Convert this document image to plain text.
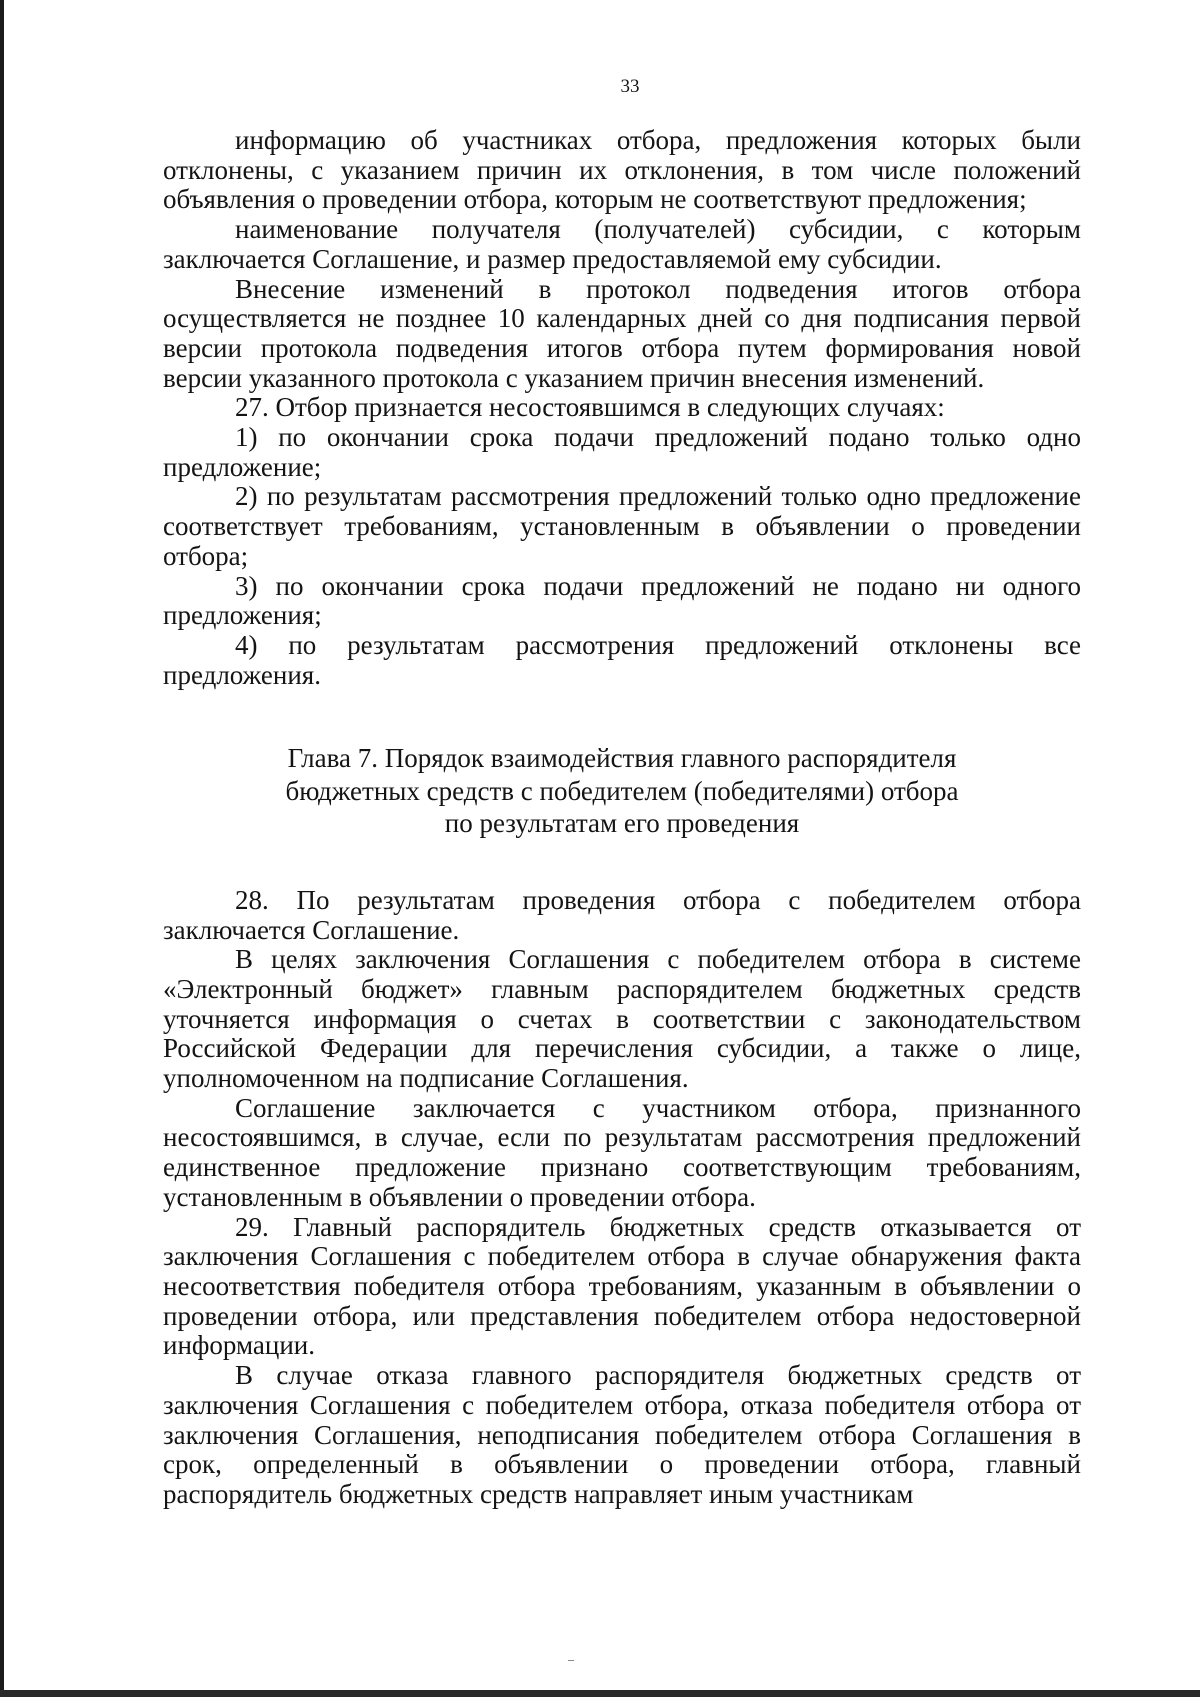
33

информацию об участниках отбора, предложения которых были отклонены, с указанием причин их отклонения, в том числе положений объявления о проведении отбора, которым не соответствуют предложения;

наименование получателя (получателей) субсидии, с которым заключается Соглашение, и размер предоставляемой ему субсидии.

Внесение изменений в протокол подведения итогов отбора осуществляется не позднее 10 календарных дней со дня подписания первой версии протокола подведения итогов отбора путем формирования новой версии указанного протокола с указанием причин внесения изменений.

27. Отбор признается несостоявшимся в следующих случаях:

1) по окончании срока подачи предложений подано только одно предложение;

2) по результатам рассмотрения предложений только одно предложение соответствует требованиям, установленным в объявлении о проведении отбора;

3) по окончании срока подачи предложений не подано ни одного предложения;

4) по результатам рассмотрения предложений отклонены все предложения.

Глава 7. Порядок взаимодействия главного распорядителя
бюджетных средств с победителем (победителями) отбора
по результатам его проведения

28. По результатам проведения отбора с победителем отбора заключается Соглашение.

В целях заключения Соглашения с победителем отбора в системе «Электронный бюджет» главным распорядителем бюджетных средств уточняется информация о счетах в соответствии с законодательством Российской Федерации для перечисления субсидии, а также о лице, уполномоченном на подписание Соглашения.

Соглашение заключается с участником отбора, признанного несостоявшимся, в случае, если по результатам рассмотрения предложений единственное предложение признано соответствующим требованиям, установленным в объявлении о проведении отбора.

29. Главный распорядитель бюджетных средств отказывается от заключения Соглашения с победителем отбора в случае обнаружения факта несоответствия победителя отбора требованиям, указанным в объявлении о проведении отбора, или представления победителем отбора недостоверной информации.

В случае отказа главного распорядителя бюджетных средств от заключения Соглашения с победителем отбора, отказа победителя отбора от заключения Соглашения, неподписания победителем отбора Соглашения в срок, определенный в объявлении о проведении отбора, главный распорядитель бюджетных средств направляет иным участникам
